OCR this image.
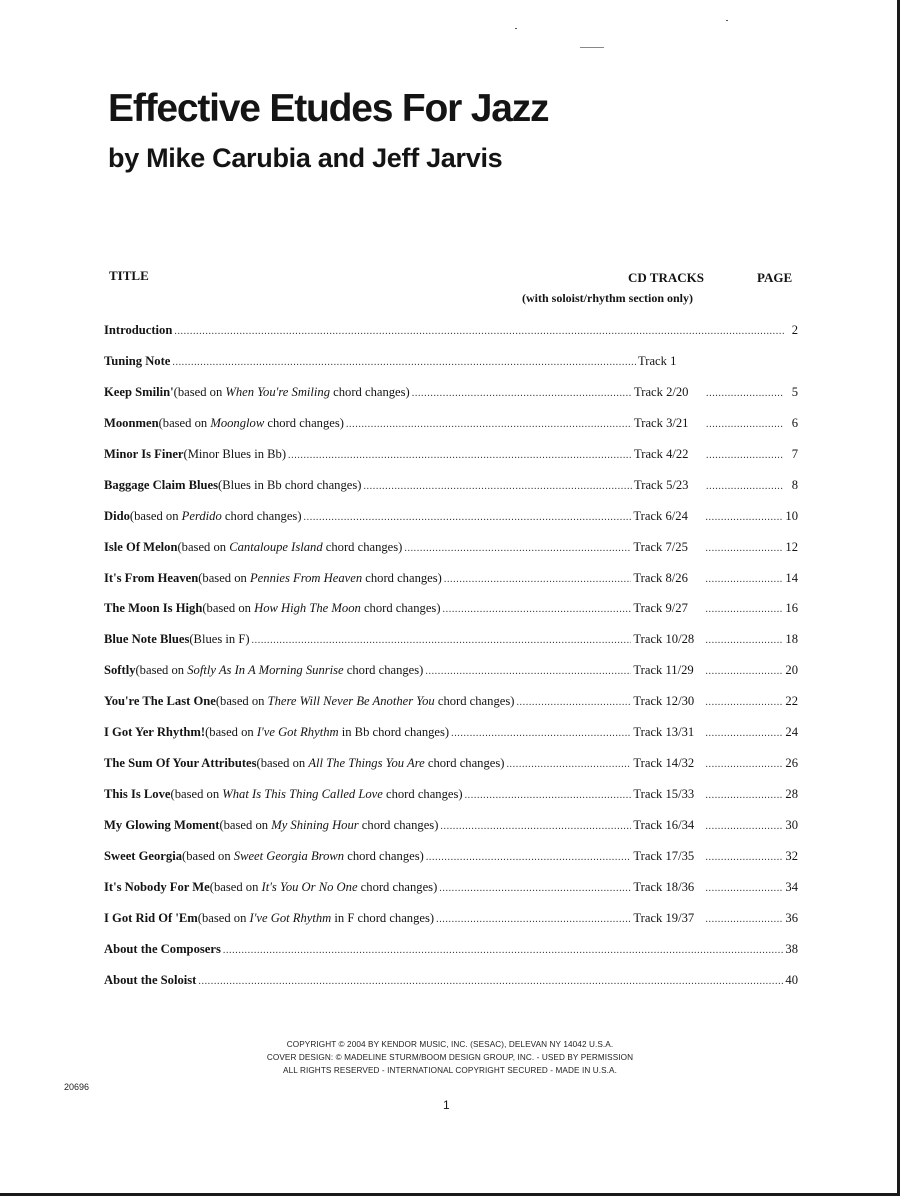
Effective Etudes For Jazz
by Mike Carubia and Jeff Jarvis
TITLE	CD TRACKS	PAGE
(with soloist/rhythm section only)
Introduction .....	2
Tuning Note .....	Track 1
Keep Smilin' (based on When You're Smiling chord changes) .....	Track 2/20 .....	5
Moonmen (based on Moonglow chord changes) .....	Track 3/21 .....	6
Minor Is Finer (Minor Blues in Bb) .....	Track 4/22 .....	7
Baggage Claim Blues (Blues in Bb chord changes) .....	Track 5/23 .....	8
Dido (based on Perdido chord changes) .....	Track 6/24 .....	10
Isle Of Melon (based on Cantaloupe Island chord changes) .....	Track 7/25 .....	12
It's From Heaven (based on Pennies From Heaven chord changes) .....	Track 8/26 .....	14
The Moon Is High (based on How High The Moon chord changes) .....	Track 9/27 .....	16
Blue Note Blues (Blues in F) .....	Track 10/28 .....	18
Softly (based on Softly As In A Morning Sunrise chord changes) .....	Track 11/29 .....	20
You're The Last One (based on There Will Never Be Another You chord changes) .....	Track 12/30 .....	22
I Got Yer Rhythm! (based on I've Got Rhythm in Bb chord changes) .....	Track 13/31 .....	24
The Sum Of Your Attributes (based on All The Things You Are chord changes) .....	Track 14/32 .....	26
This Is Love (based on What Is This Thing Called Love chord changes) .....	Track 15/33 .....	28
My Glowing Moment (based on My Shining Hour chord changes) .....	Track 16/34 .....	30
Sweet Georgia (based on Sweet Georgia Brown chord changes) .....	Track 17/35 .....	32
It's Nobody For Me (based on It's You Or No One chord changes) .....	Track 18/36 .....	34
I Got Rid Of 'Em (based on I've Got Rhythm in F chord changes) .....	Track 19/37 .....	36
About the Composers .....	38
About the Soloist .....	40
COPYRIGHT © 2004 BY KENDOR MUSIC, INC. (SESAC), DELEVAN NY 14042 U.S.A.
COVER DESIGN: © MADELINE STURM/BOOM DESIGN GROUP, INC. - USED BY PERMISSION
ALL RIGHTS RESERVED - INTERNATIONAL COPYRIGHT SECURED - MADE IN U.S.A.
20696
1
